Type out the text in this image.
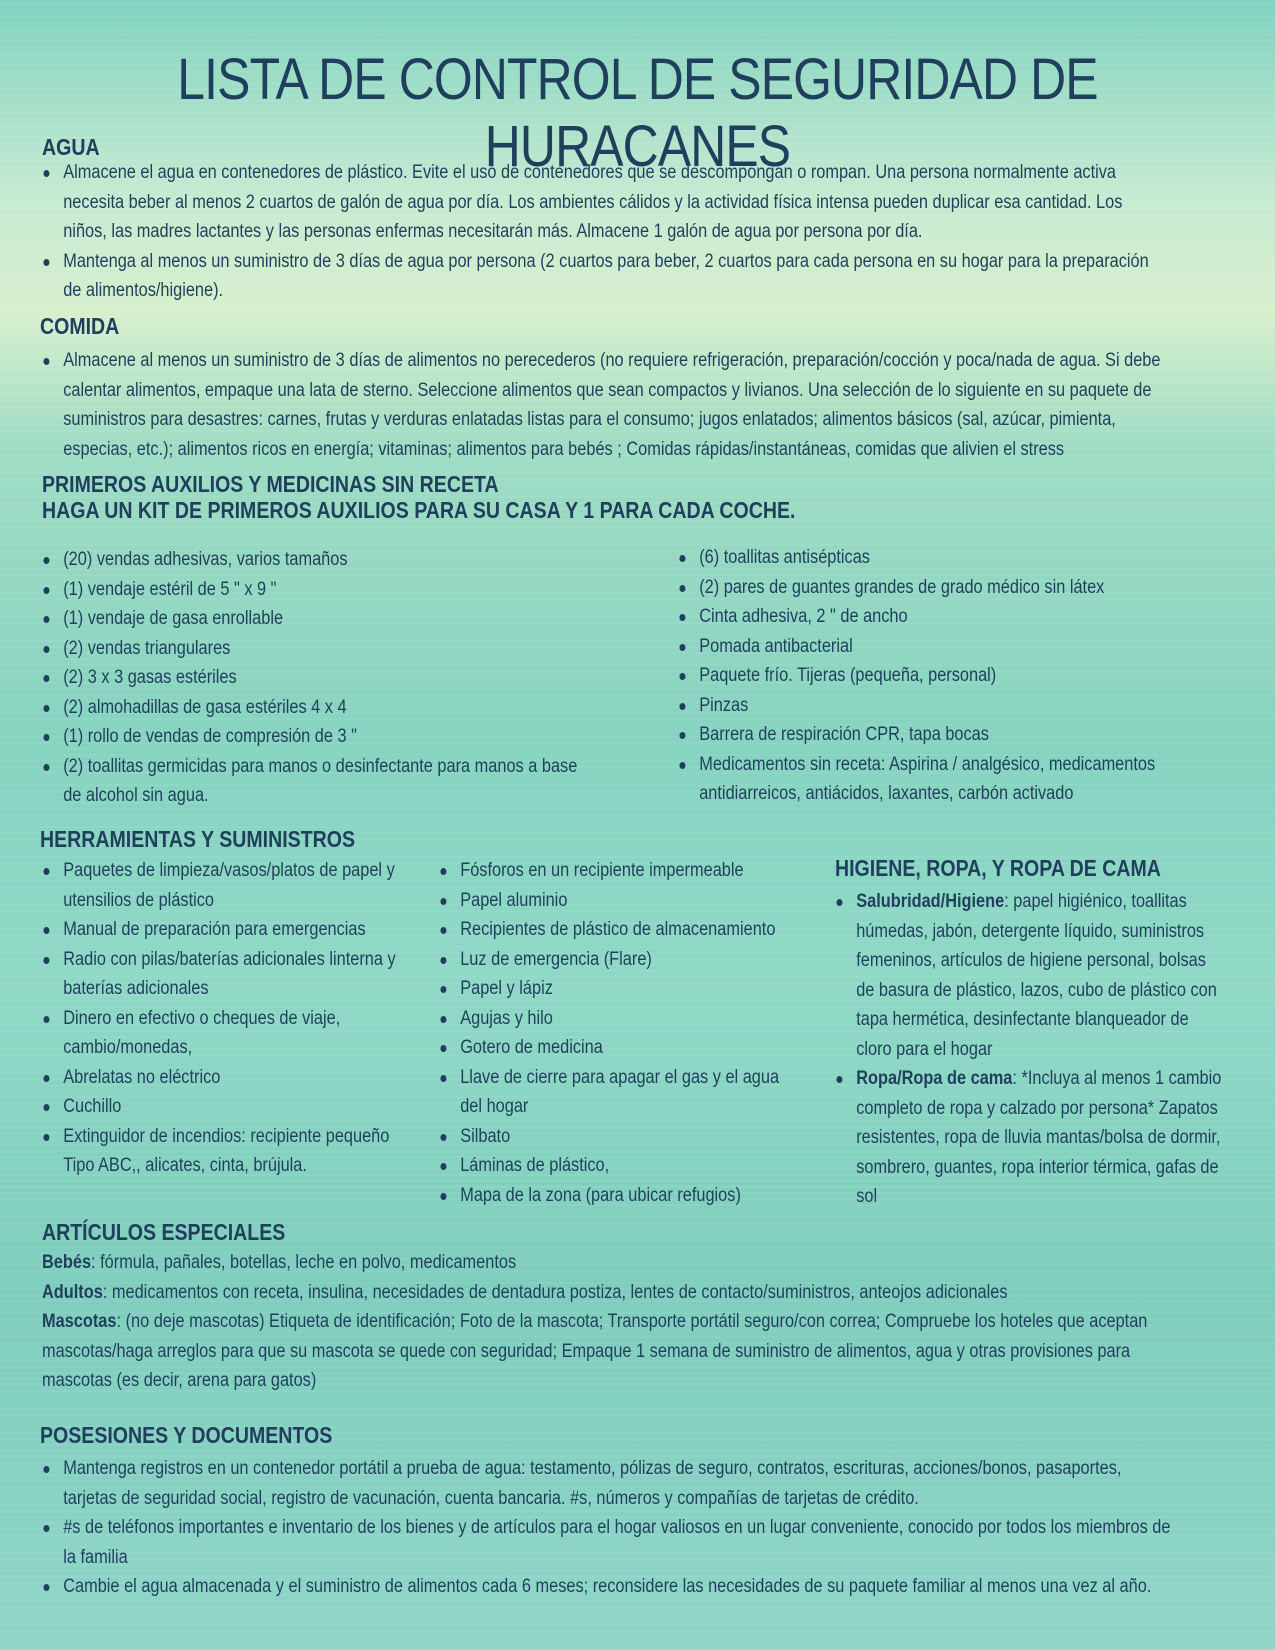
LISTA DE CONTROL DE SEGURIDAD DE HURACANES
AGUA
Almacene el agua en contenedores de plástico. Evite el uso de contenedores que se descompongan o rompan. Una persona normalmente activa necesita beber al menos 2 cuartos de galón de agua por día. Los ambientes cálidos y la actividad física intensa pueden duplicar esa cantidad. Los niños, las madres lactantes y las personas enfermas necesitarán más. Almacene 1 galón de agua por persona por día.
Mantenga al menos un suministro de 3 días de agua por persona (2 cuartos para beber, 2 cuartos para cada persona en su hogar para la preparación de alimentos/higiene).
COMIDA
Almacene al menos un suministro de 3 días de alimentos no perecederos (no requiere refrigeración, preparación/cocción y poca/nada de agua. Si debe calentar alimentos, empaque una lata de sterno. Seleccione alimentos que sean compactos y livianos. Una selección de lo siguiente en su paquete de suministros para desastres: carnes, frutas y verduras enlatadas listas para el consumo; jugos enlatados; alimentos básicos (sal, azúcar, pimienta, especias, etc.); alimentos ricos en energía; vitaminas; alimentos para bebés ; Comidas rápidas/instantáneas, comidas que alivien el stress
PRIMEROS AUXILIOS Y MEDICINAS SIN RECETA
HAGA UN KIT DE PRIMEROS AUXILIOS PARA SU CASA Y 1 PARA CADA COCHE.
(20) vendas adhesivas, varios tamaños
(1) vendaje estéril de 5 " x 9 "
(1) vendaje de gasa enrollable
(2) vendas triangulares
(2) 3 x 3 gasas estériles
(2) almohadillas de gasa estériles 4 x 4
(1) rollo de vendas de compresión de 3 "
(2) toallitas germicidas para manos o desinfectante para manos a base de alcohol sin agua.
(6) toallitas antisépticas
(2) pares de guantes grandes de grado médico sin látex
Cinta adhesiva, 2 " de ancho
Pomada antibacterial
Paquete frío. Tijeras (pequeña, personal)
Pinzas
Barrera de respiración CPR, tapa bocas
Medicamentos sin receta: Aspirina / analgésico, medicamentos antidiarreicos, antiácidos, laxantes, carbón activado
HERRAMIENTAS Y SUMINISTROS
Paquetes de limpieza/vasos/platos de papel y utensilios de plástico
Manual de preparación para emergencias
Radio con pilas/baterías adicionales linterna y baterías adicionales
Dinero en efectivo o cheques de viaje, cambio/monedas,
Abrelatas no eléctrico
Cuchillo
Extinguidor de incendios: recipiente pequeño Tipo ABC,, alicates, cinta, brújula.
Fósforos en un recipiente impermeable
Papel aluminio
Recipientes de plástico de almacenamiento
Luz de emergencia (Flare)
Papel y lápiz
Agujas y hilo
Gotero de medicina
Llave de cierre para apagar el gas y el agua del hogar
Silbato
Láminas de plástico,
Mapa de la zona (para ubicar refugios)
HIGIENE, ROPA, Y ROPA DE CAMA
Salubridad/Higiene: papel higiénico, toallitas húmedas, jabón, detergente líquido, suministros femeninos, artículos de higiene personal, bolsas de basura de plástico, lazos, cubo de plástico con tapa hermética, desinfectante blanqueador de cloro para el hogar
Ropa/Ropa de cama: *Incluya al menos 1 cambio completo de ropa y calzado por persona* Zapatos resistentes, ropa de lluvia mantas/bolsa de dormir, sombrero, guantes, ropa interior térmica, gafas de sol
ARTÍCULOS ESPECIALES

Bebés: fórmula, pañales, botellas, leche en polvo, medicamentos

Adultos: medicamentos con receta, insulina, necesidades de dentadura postiza, lentes de contacto/suministros, anteojos adicionales

Mascotas: (no deje mascotas) Etiqueta de identificación; Foto de la mascota; Transporte portátil seguro/con correa; Compruebe los hoteles que aceptan mascotas/haga arreglos para que su mascota se quede con seguridad; Empaque 1 semana de suministro de alimentos, agua y otras provisiones para mascotas (es decir, arena para gatos)

POSESIONES Y DOCUMENTOS
Mantenga registros en un contenedor portátil a prueba de agua: testamento, pólizas de seguro, contratos, escrituras, acciones/bonos, pasaportes, tarjetas de seguridad social, registro de vacunación, cuenta bancaria. #s, números y compañías de tarjetas de crédito.
#s de teléfonos importantes e inventario de los bienes y de artículos para el hogar valiosos en un lugar conveniente, conocido por todos los miembros de la familia
Cambie el agua almacenada y el suministro de alimentos cada 6 meses; reconsidere las necesidades de su paquete familiar al menos una vez al año.
